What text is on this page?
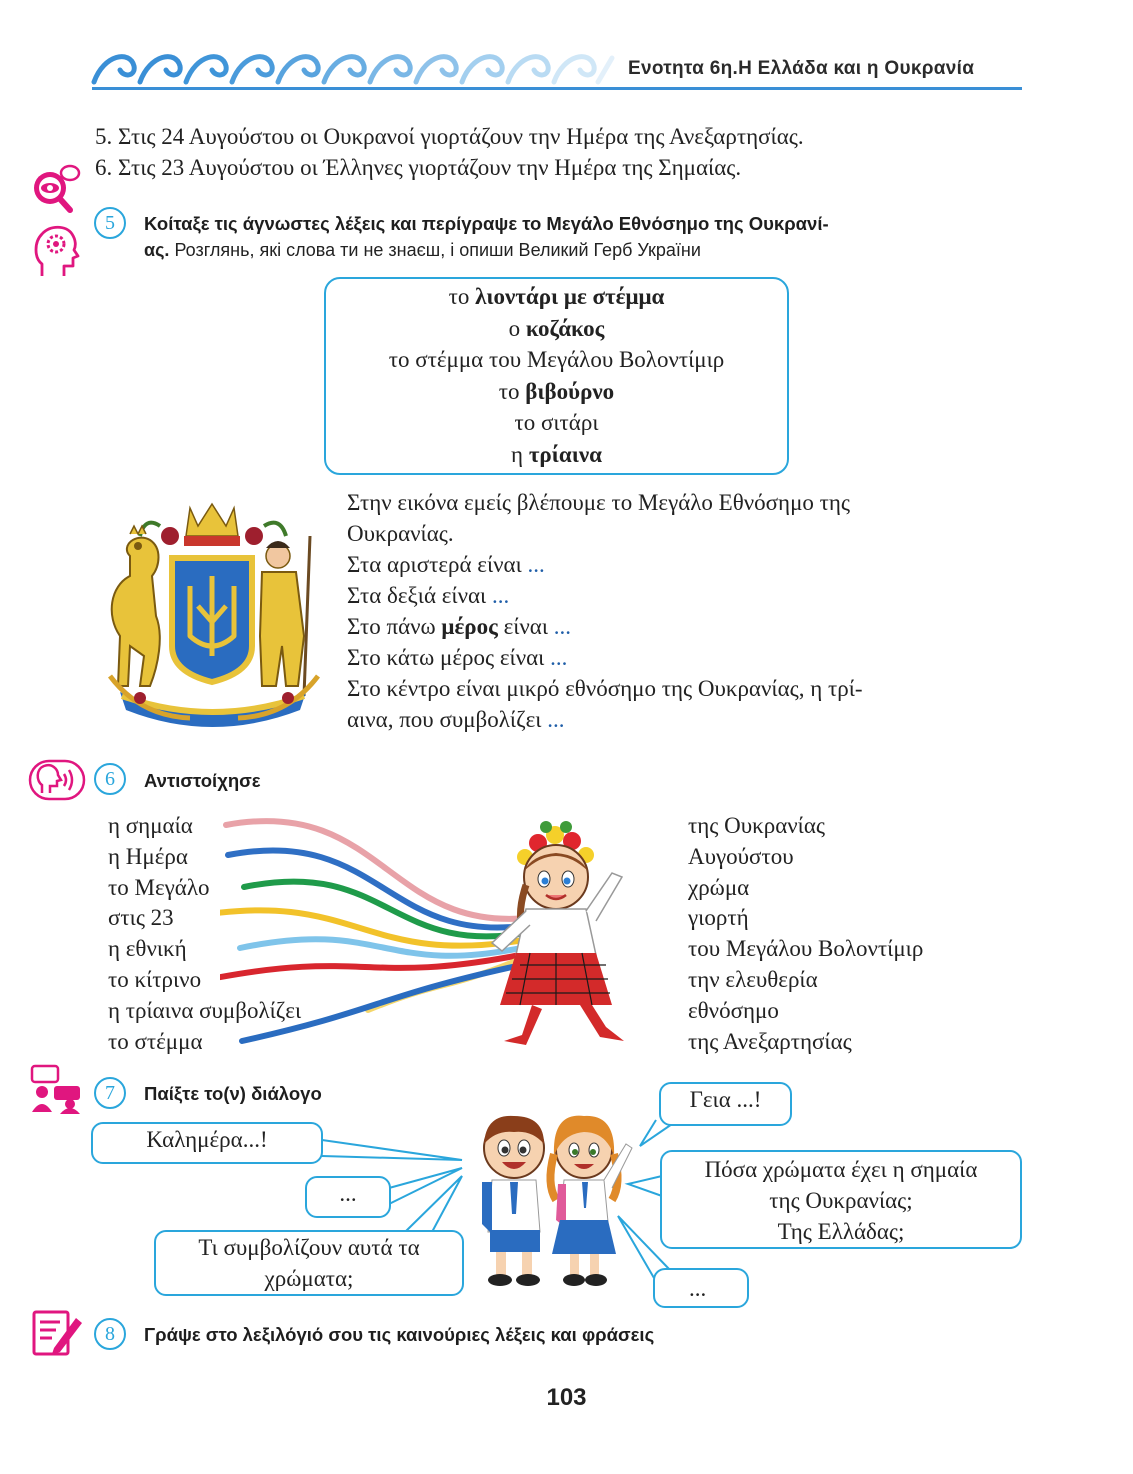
Ενοτητα 6η.Η Ελλάδα και η Ουκρανία
5. Στις 24 Αυγούστου οι Ουκρανοί γιορτάζουν την Ημέρα της Ανεξαρτησίας.
6. Στις 23 Αυγούστου οι Έλληνες γιορτάζουν την Ημέρα της Σημαίας.
5	Κοίταξε τις άγνωστες λέξεις και περίγραψε το Μεγάλο Εθνόσημο της Ουκρανί-
ας. Розглянь, які слова ти не знаєш, і опиши Великий Герб України
το λιοντάρι με στέμμα
ο κοζάκος
το στέμμα του Μεγάλου Βολοντίμιρ
το βιβούρνο
το σιτάρι
η τρίαινα
Στην εικόνα εμείς βλέπουμε το Μεγάλο Εθνόσημο της
Ουκρανίας.
Στα αριστερά είναι ...
Στα δεξιά είναι ...
Στο πάνω μέρος είναι ...
Στο κάτω μέρος είναι ...
Στο κέντρο είναι μικρό εθνόσημο της Ουκρανίας, η τρί-
αινα, που συμβολίζει ...
6	Αντιστοίχησε
η σημαία
η Ημέρα
το Μεγάλο
στις 23
η εθνική
το κίτρινο
η τρίαινα συμβολίζει
το στέμμα
της Ουκρανίας
Αυγούστου
χρώμα
γιορτή
του Μεγάλου Βολοντίμιρ
την ελευθερία
εθνόσημο
της Ανεξαρτησίας
7	Παίξτε το(ν) διάλογο
Καλημέρα...!
...
Τι συμβολίζουν αυτά τα
χρώματα;
Γεια ...!
Πόσα χρώματα έχει η σημαία
της Ουκρανίας;
Της Ελλάδας;
...
8	Γράψε στο λεξιλόγιό σου τις καινούριες λέξεις και φράσεις
103
